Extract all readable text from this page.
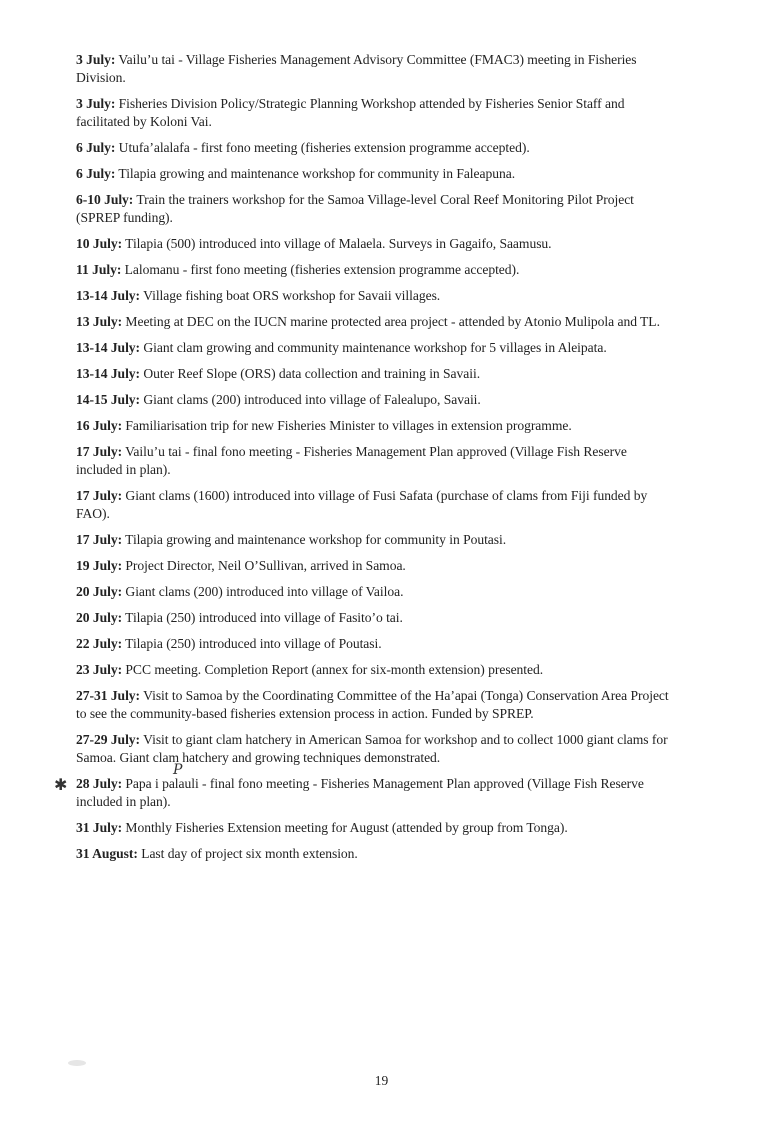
3 July: Vailu’u tai - Village Fisheries Management Advisory Committee (FMAC3) meeting in Fisheries Division.

3 July: Fisheries Division Policy/Strategic Planning Workshop attended by Fisheries Senior Staff and facilitated by Koloni Vai.

6 July: Utufa’alalafa - first fono meeting (fisheries extension programme accepted).

6 July: Tilapia growing and maintenance workshop for community in Faleapuna.

6-10 July: Train the trainers workshop for the Samoa Village-level Coral Reef Monitoring Pilot Project (SPREP funding).

10 July: Tilapia (500) introduced into village of Malaela. Surveys in Gagaifo, Saamusu.

11 July: Lalomanu - first fono meeting (fisheries extension programme accepted).

13-14 July: Village fishing boat ORS workshop for Savaii villages.

13 July: Meeting at DEC on the IUCN marine protected area project - attended by Atonio Mulipola and TL.

13-14 July: Giant clam growing and community maintenance workshop for 5 villages in Aleipata.

13-14 July: Outer Reef Slope (ORS) data collection and training in Savaii.

14-15 July: Giant clams (200) introduced into village of Falealupo, Savaii.

16 July: Familiarisation trip for new Fisheries Minister to villages in extension programme.

17 July: Vailu’u tai - final fono meeting - Fisheries Management Plan approved (Village Fish Reserve included in plan).

17 July: Giant clams (1600) introduced into village of Fusi Safata (purchase of clams from Fiji funded by FAO).

17 July: Tilapia growing and maintenance workshop for community in Poutasi.

19 July: Project Director, Neil O’Sullivan, arrived in Samoa.

20 July: Giant clams (200) introduced into village of Vailoa.

20 July: Tilapia (250) introduced into village of Fasito’o tai.

22 July: Tilapia (250) introduced into village of Poutasi.

23 July: PCC meeting. Completion Report (annex for six-month extension) presented.

27-31 July: Visit to Samoa by the Coordinating Committee of the Ha’apai (Tonga) Conservation Area Project to see the community-based fisheries extension process in action. Funded by SPREP.

27-29 July: Visit to giant clam hatchery in American Samoa for workshop and to collect 1000 giant clams for Samoa. Giant clam hatchery and growing techniques demonstrated.

✱
P
28 July: Papa i palauli - final fono meeting - Fisheries Management Plan approved (Village Fish Reserve included in plan).

31 July: Monthly Fisheries Extension meeting for August (attended by group from Tonga).

31 August: Last day of project six month extension.

19
